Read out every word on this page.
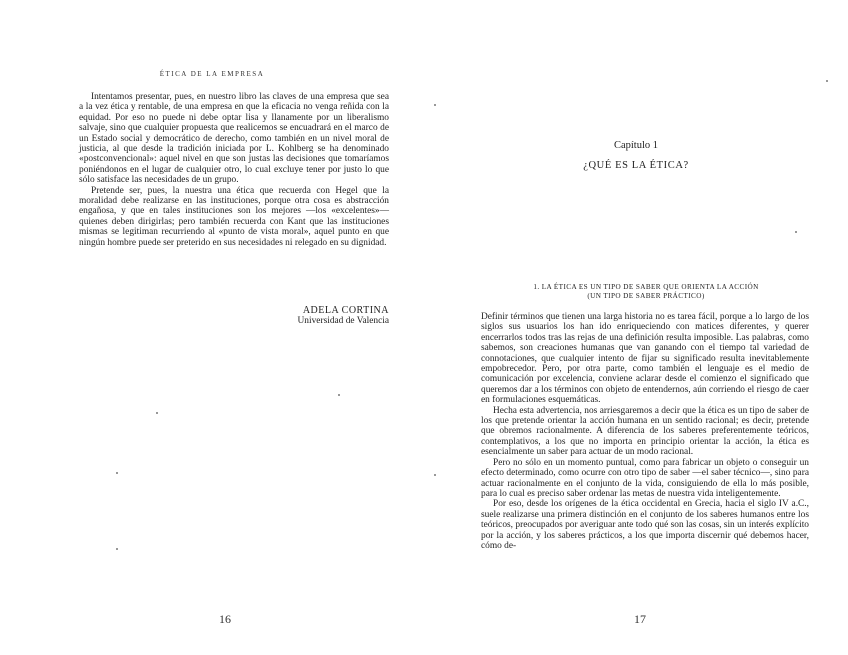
ÉTICA DE LA EMPRESA

Intentamos presentar, pues, en nuestro libro las claves de una empresa que sea a la vez ética y rentable, de una empresa en que la eficacia no venga reñida con la equidad. Por eso no puede ni debe optar lisa y llanamente por un liberalismo salvaje, sino que cualquier propuesta que realicemos se encuadrará en el marco de un Estado social y democrático de derecho, como también en un nivel moral de justicia, al que desde la tradición iniciada por L. Kohlberg se ha denominado «postconvencional»: aquel nivel en que son justas las decisiones que tomaríamos poniéndonos en el lugar de cualquier otro, lo cual excluye tener por justo lo que sólo satisface las necesidades de un grupo.

Pretende ser, pues, la nuestra una ética que recuerda con Hegel que la moralidad debe realizarse en las instituciones, porque otra cosa es abstracción engañosa, y que en tales instituciones son los mejores —los «excelentes»— quienes deben dirigirlas; pero también recuerda con Kant que las instituciones mismas se legitiman recurriendo al «punto de vista moral», aquel punto en que ningún hombre puede ser preterido en sus necesidades ni relegado en su dignidad.

ADELA CORTINA
Universidad de Valencia
16
Capítulo 1
¿QUÉ ES LA ÉTICA?
1. LA ÉTICA ES UN TIPO DE SABER QUE ORIENTA LA ACCIÓN
(UN TIPO DE SABER PRÁCTICO)

Definir términos que tienen una larga historia no es tarea fácil, porque a lo largo de los siglos sus usuarios los han ido enriqueciendo con matices diferentes, y querer encerrarlos todos tras las rejas de una definición resulta imposible. Las palabras, como sabemos, son creaciones humanas que van ganando con el tiempo tal variedad de connotaciones, que cualquier intento de fijar su significado resulta inevitablemente empobrecedor. Pero, por otra parte, como también el lenguaje es el medio de comunicación por excelencia, conviene aclarar desde el comienzo el significado que queremos dar a los términos con objeto de entendernos, aún corriendo el riesgo de caer en formulaciones esquemáticas.

Hecha esta advertencia, nos arriesgaremos a decir que la ética es un tipo de saber de los que pretende orientar la acción humana en un sentido racional; es decir, pretende que obremos racionalmente. A diferencia de los saberes preferentemente teóricos, contemplativos, a los que no importa en principio orientar la acción, la ética es esencialmente un saber para actuar de un modo racional.

Pero no sólo en un momento puntual, como para fabricar un objeto o conseguir un efecto determinado, como ocurre con otro tipo de saber —el saber técnico—, sino para actuar racionalmente en el conjunto de la vida, consiguiendo de ella lo más posible, para lo cual es preciso saber ordenar las metas de nuestra vida inteligentemente.

Por eso, desde los orígenes de la ética occidental en Grecia, hacia el siglo IV a.C., suele realizarse una primera distinción en el conjunto de los saberes humanos entre los teóricos, preocupados por averiguar ante todo qué son las cosas, sin un interés explícito por la acción, y los saberes prácticos, a los que importa discernir qué debemos hacer, cómo de-

17
